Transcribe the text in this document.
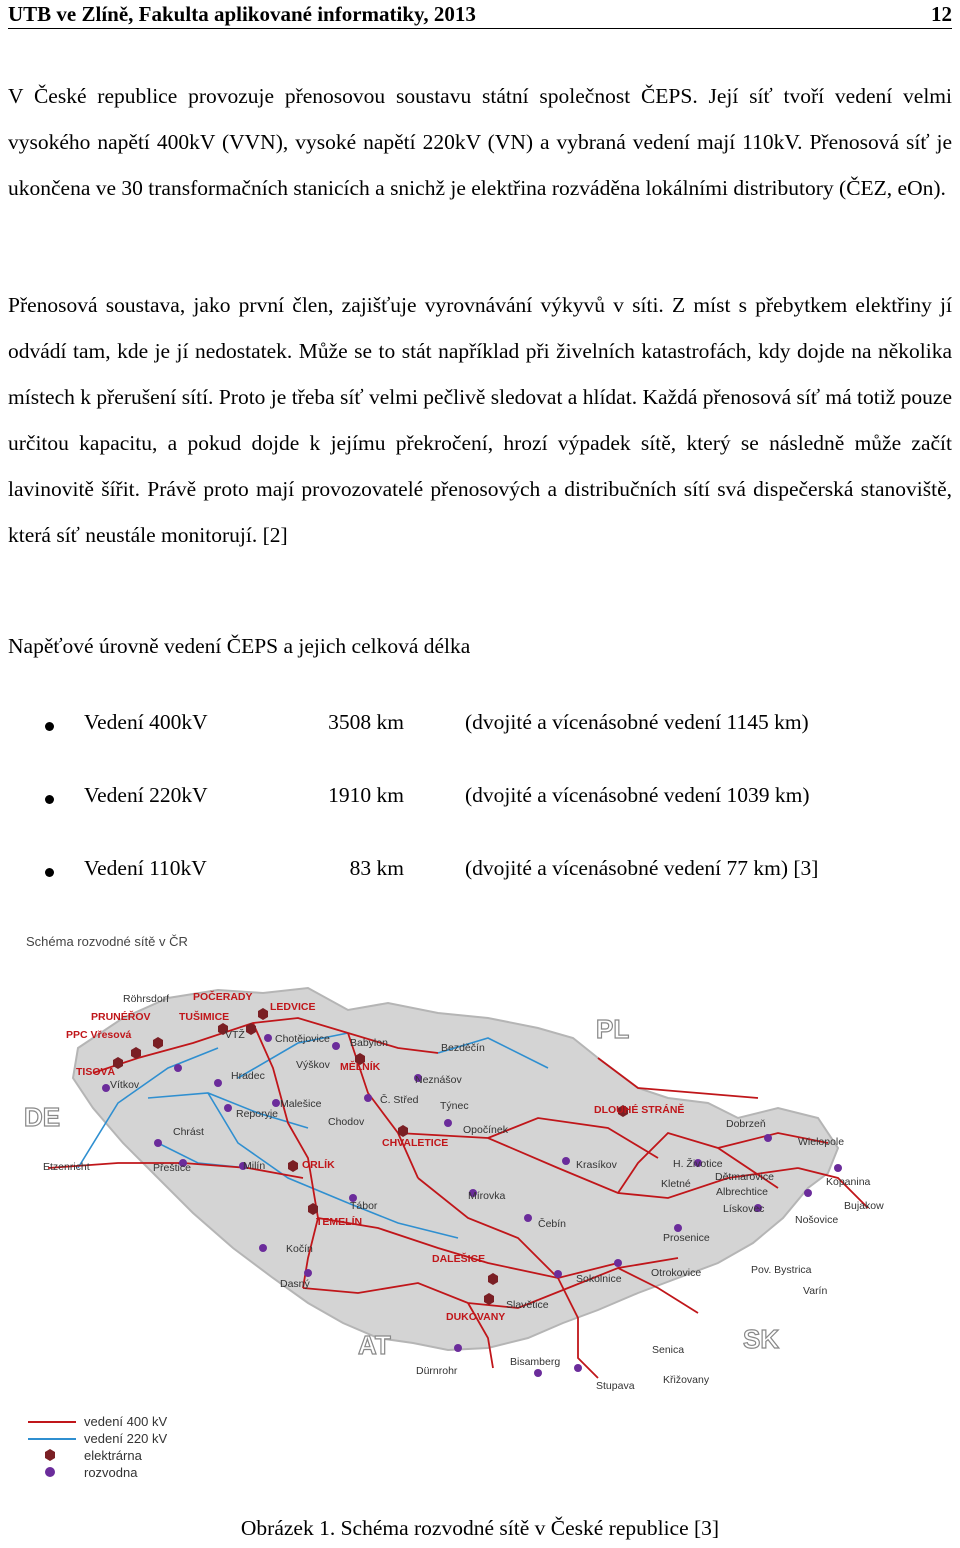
UTB ve Zlíně, Fakulta aplikované informatiky, 2013	12
V České republice provozuje přenosovou soustavu státní společnost ČEPS. Její síť tvoří vedení velmi vysokého napětí 400kV (VVN), vysoké napětí 220kV (VN) a vybraná vedení mají 110kV. Přenosová síť je ukončena ve 30 transformačních stanicích a snichž je elektřina rozváděna lokálními distributory (ČEZ, eOn).
Přenosová soustava, jako první člen, zajišťuje vyrovnávání výkyvů v síti. Z míst s přebytkem elektřiny jí odvádí tam, kde je jí nedostatek. Může se to stát například při živelních katastrofách, kdy dojde na několika místech k přerušení sítí. Proto je třeba síť velmi pečlivě sledovat a hlídat. Každá přenosová síť má totiž pouze určitou kapacitu, a pokud dojde k jejímu překročení, hrozí výpadek sítě, který se následně může začít lavinovitě šířit. Právě proto mají provozovatelé přenosových a distribučních sítí svá dispečerská stanoviště, která síť neustále monitorují. [2]
Napěťové úrovně vedení ČEPS a jejich celková délka
Vedení 400kV	3508 km	(dvojité a vícenásobné vedení 1145 km)
Vedení 220kV	1910 km	(dvojité a vícenásobné vedení 1039 km)
Vedení 110kV	83 km	(dvojité a vícenásobné vedení 77 km) [3]
Schéma rozvodné sítě v ČR
PL
DE
AT	SK
POČERADY
PRUNÉŘOV	TUŠIMICE
LEDVICE
PPC Vřesová
TISOVÁ	MĚLNÍK
CHVALETICE
DLOUHÉ STRÁNĚ
ORLÍK
TEMELÍN
DALEŠICE
DUKOVANY
Röhrsdorf
VTŽ	Chotějovice Babylon	Bezděčín
Výškov
Vítkov
Hradec	Neznášov
Malešice	Č. Střed Týnec
Reporyje
Chodov
Opočínek
Chrást
Dobrzeň
Wielopole
Etzenricht	Přeštice	Milín	Krasíkov	H. Životice
Dětmarovice
Kletné
Albrechtice
Kopanina
Mírovka
Lískovec
Nošovice
Bujakow
Tábor
Čebín
Kočín
Prosenice
Otrokovice	Pov. Bystrica
Sokolnice
Dasný
Varín
Slavětice
Senica
Bisamberg
Dürnrohr
Křižovany
Stupava
vedení 400 kV
vedení 220 kV
elektrárna
rozvodna
Obrázek 1. Schéma rozvodné sítě v České republice [3]
